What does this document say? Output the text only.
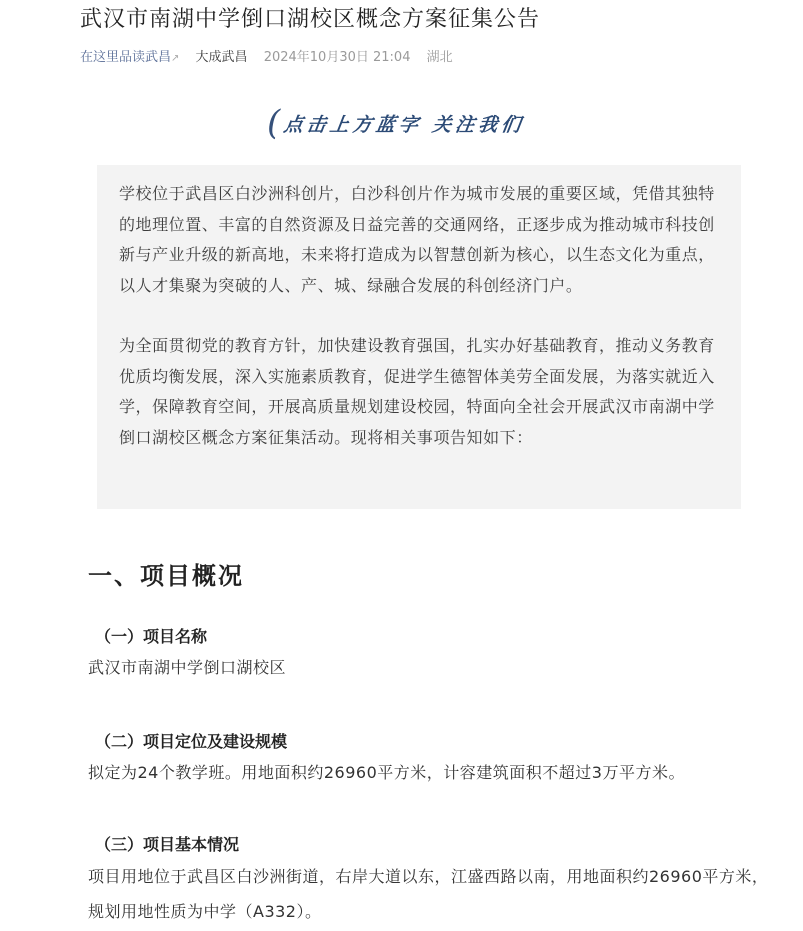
武汉市南湖中学倒口湖校区概念方案征集公告
在这里品读武昌↗ 大成武昌 2024年10月30日 21:04 湖北
( 点击上方蓝字 关注我们

学校位于武昌区白沙洲科创片，白沙科创片作为城市发展的重要区域，凭借其独特的地理位置、丰富的自然资源及日益完善的交通网络，正逐步成为推动城市科技创新与产业升级的新高地，未来将打造成为以智慧创新为核心，以生态文化为重点，以人才集聚为突破的人、产、城、绿融合发展的科创经济门户。

为全面贯彻党的教育方针，加快建设教育强国，扎实办好基础教育，推动义务教育优质均衡发展，深入实施素质教育，促进学生德智体美劳全面发展，为落实就近入学，保障教育空间，开展高质量规划建设校园，特面向全社会开展武汉市南湖中学倒口湖校区概念方案征集活动。现将相关事项告知如下：

一、项目概况
（一）项目名称
武汉市南湖中学倒口湖校区
（二）项目定位及建设规模
拟定为24个教学班。用地面积约26960平方米，计容建筑面积不超过3万平方米。
（三）项目基本情况
项目用地位于武昌区白沙洲街道，右岸大道以东，江盛西路以南，用地面积约26960平方米，规划用地性质为中学（A332）。
